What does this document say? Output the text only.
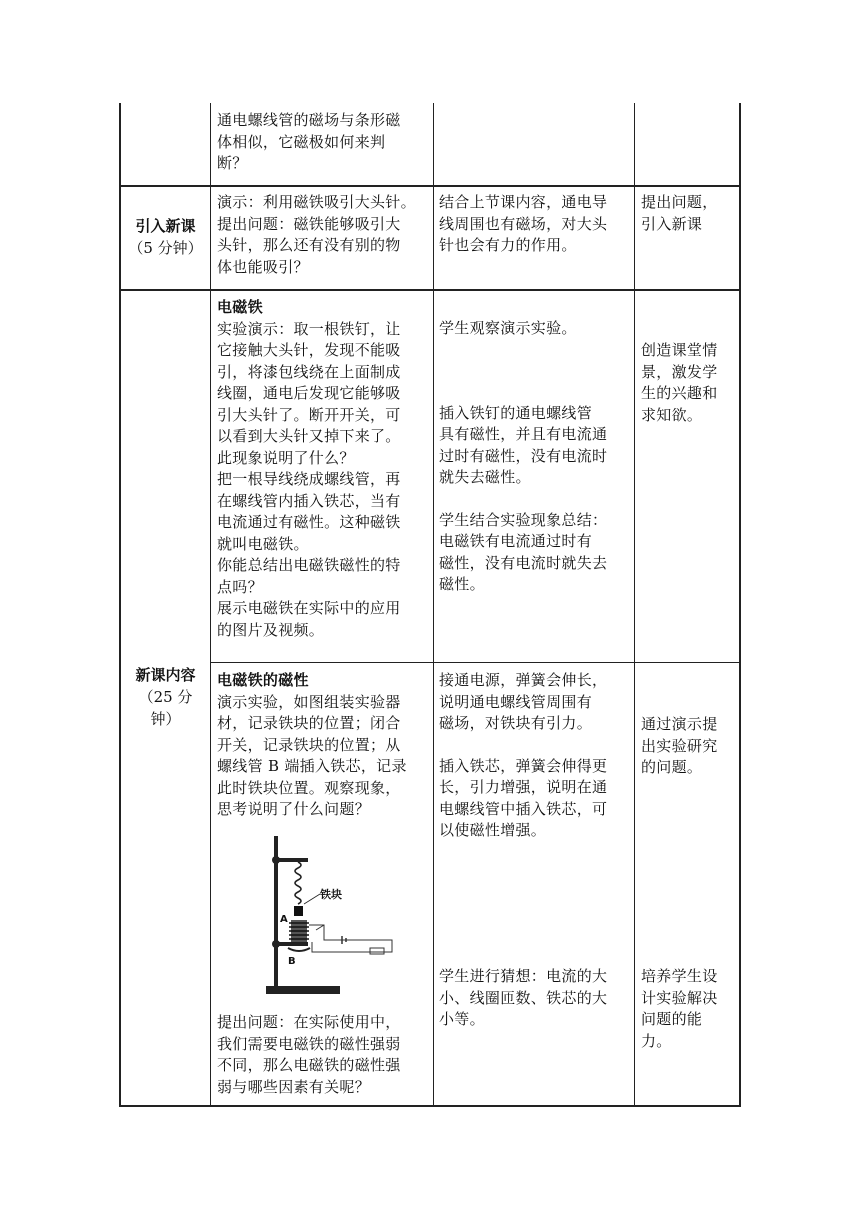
通电螺线管的磁场与条形磁

体相似，它磁极如何来判

断？

引入新课
（5 分钟）

演示：利用磁铁吸引大头针。

提出问题：磁铁能够吸引大

头针，那么还有没有别的物

体也能吸引？

结合上节课内容，通电导

线周围也有磁场，对大头

针也会有力的作用。

提出问题，

引入新课

新课内容
（25 分
钟）

电磁铁

实验演示：取一根铁钉，让

它接触大头针，发现不能吸

引，将漆包线绕在上面制成

线圈，通电后发现它能够吸

引大头针了。断开开关，可

以看到大头针又掉下来了。

此现象说明了什么？

把一根导线绕成螺线管，再

在螺线管内插入铁芯，当有

电流通过有磁性。这种磁铁

就叫电磁铁。

你能总结出电磁铁磁性的特

点吗？

展示电磁铁在实际中的应用

的图片及视频。

学生观察演示实验。

插入铁钉的通电螺线管

具有磁性，并且有电流通

过时有磁性，没有电流时

就失去磁性。

学生结合实验现象总结：

电磁铁有电流通过时有

磁性，没有电流时就失去

磁性。

创造课堂情

景，激发学

生的兴趣和

求知欲。

电磁铁的磁性

演示实验，如图组装实验器

材，记录铁块的位置；闭合

开关，记录铁块的位置；从

螺线管 B 端插入铁芯，记录

此时铁块位置。观察现象，

思考说明了什么问题？

铁块
A
B

提出问题：在实际使用中，

我们需要电磁铁的磁性强弱

不同，那么电磁铁的磁性强

弱与哪些因素有关呢？

接通电源，弹簧会伸长，

说明通电螺线管周围有

磁场，对铁块有引力。

插入铁芯，弹簧会伸得更

长，引力增强，说明在通

电螺线管中插入铁芯，可

以使磁性增强。

学生进行猜想：电流的大

小、线圈匝数、铁芯的大

小等。

通过演示提

出实验研究

的问题。

培养学生设

计实验解决

问题的能

力。
